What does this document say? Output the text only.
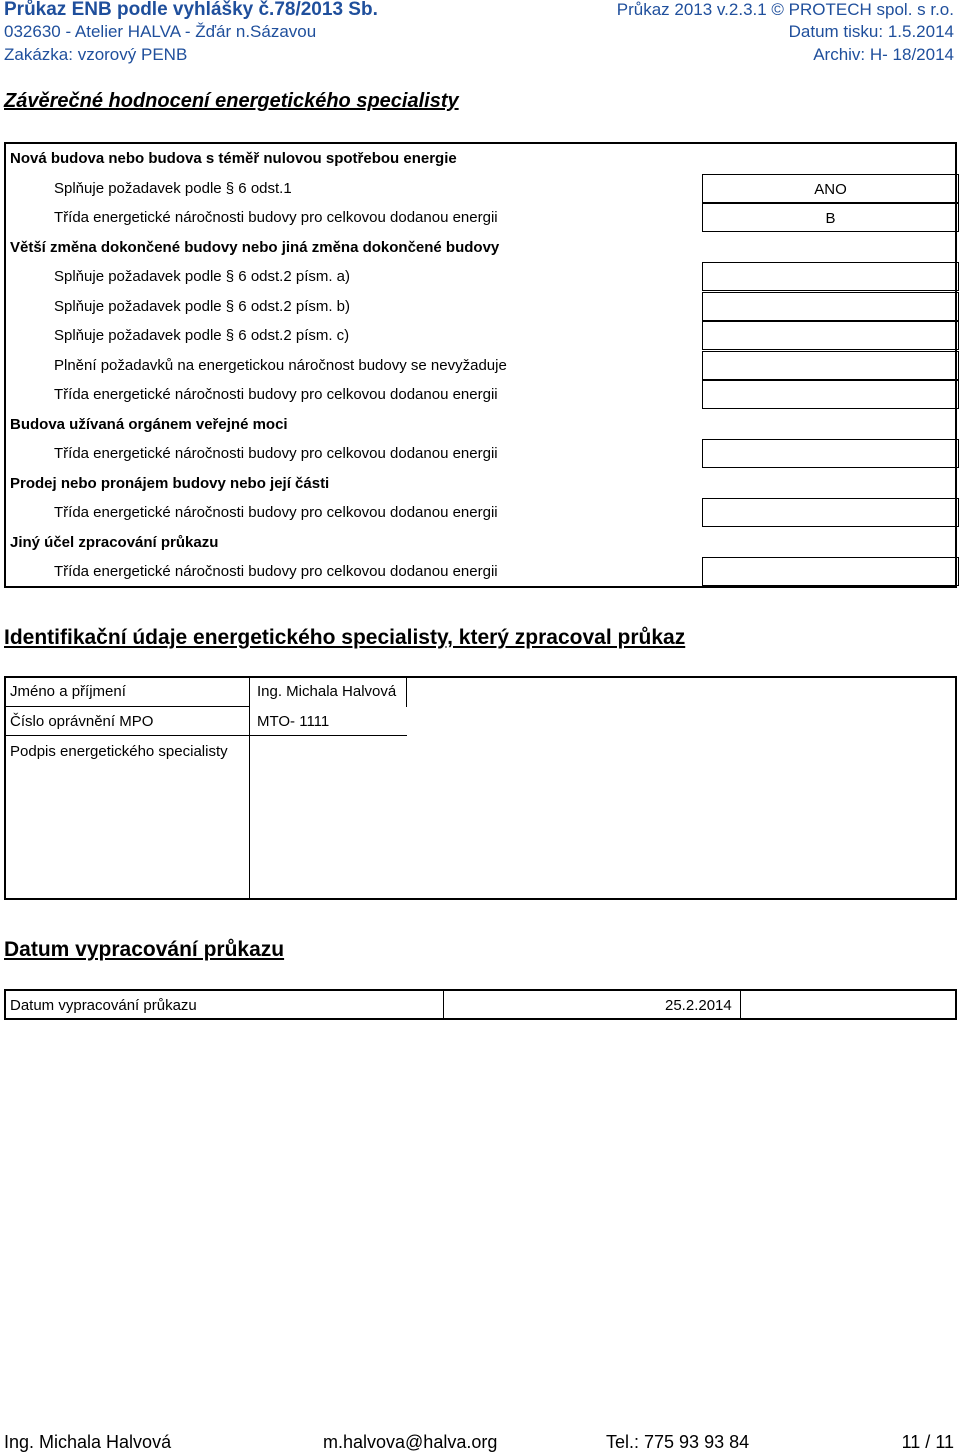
Průkaz ENB podle vyhlášky č.78/2013 Sb.	Průkaz 2013 v.2.3.1 © PROTECH spol. s r.o.
032630 - Atelier HALVA - Žďár n.Sázavou	Datum tisku: 1.5.2014
Zakázka: vzorový PENB	Archiv: H- 18/2014
Závěrečné hodnocení energetického specialisty
Nová budova nebo budova s téměř nulovou spotřebou energie
Splňuje požadavek podle § 6 odst.1	ANO
Třída energetické náročnosti budovy pro celkovou dodanou energii	B
Větší změna dokončené budovy nebo jiná změna dokončené budovy
Splňuje požadavek podle § 6 odst.2 písm. a)
Splňuje požadavek podle § 6 odst.2 písm. b)
Splňuje požadavek podle § 6 odst.2 písm. c)
Plnění požadavků na energetickou náročnost budovy se nevyžaduje
Třída energetické náročnosti budovy pro celkovou dodanou energii
Budova užívaná orgánem veřejné moci
Třída energetické náročnosti budovy pro celkovou dodanou energii
Prodej nebo pronájem budovy nebo její části
Třída energetické náročnosti budovy pro celkovou dodanou energii
Jiný účel zpracování průkazu
Třída energetické náročnosti budovy pro celkovou dodanou energii
Identifikační údaje energetického specialisty, který zpracoval průkaz
Jméno a příjmení	Ing. Michala Halvová
Číslo oprávnění MPO	MTO- 1111
Podpis energetického specialisty
Datum vypracování průkazu
Datum vypracování průkazu	25.2.2014
Ing. Michala Halvová	m.halvova@halva.org	Tel.: 775 93 93 84	11 / 11
